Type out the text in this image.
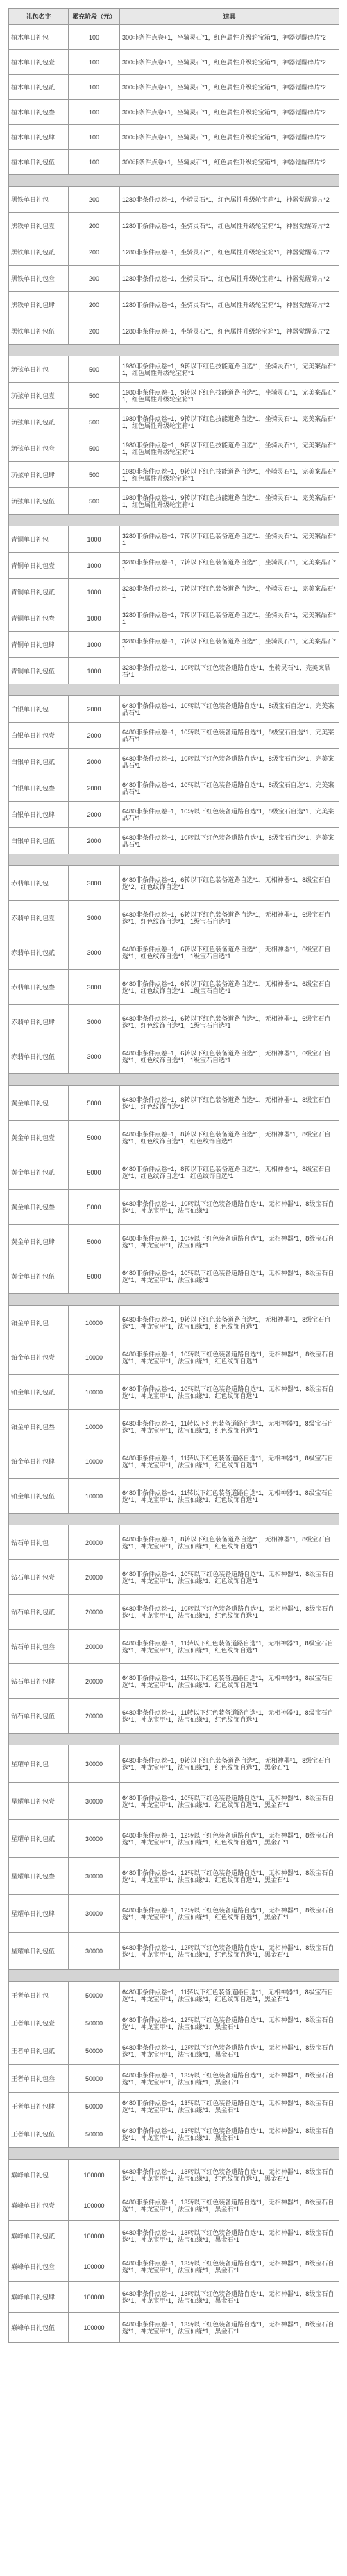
礼包名字	累充阶段（元）	道具
植木单日礼包	100	300非条件点卷+1，坐骑灵石*1，红色属性升级轮宝箱*1，神器觉醒碎片*2
植木单日礼包壹	100	300非条件点卷+1，坐骑灵石*1，红色属性升级轮宝箱*1，神器觉醒碎片*2
植木单日礼包贰	100	300非条件点卷+1，坐骑灵石*1，红色属性升级轮宝箱*1，神器觉醒碎片*2
植木单日礼包叁	100	300非条件点卷+1，坐骑灵石*1，红色属性升级轮宝箱*1，神器觉醒碎片*2
植木单日礼包肆	100	300非条件点卷+1，坐骑灵石*1，红色属性升级轮宝箱*1，神器觉醒碎片*2
植木单日礼包伍	100	300非条件点卷+1，坐骑灵石*1，红色属性升级轮宝箱*1，神器觉醒碎片*2

黑铁单日礼包	200	1280非条件点卷+1，坐骑灵石*1，红色属性升级轮宝箱*1，神器觉醒碎片*2
黑铁单日礼包壹	200	1280非条件点卷+1，坐骑灵石*1，红色属性升级轮宝箱*1，神器觉醒碎片*2
黑铁单日礼包贰	200	1280非条件点卷+1，坐骑灵石*1，红色属性升级轮宝箱*1，神器觉醒碎片*2
黑铁单日礼包叁	200	1280非条件点卷+1，坐骑灵石*1，红色属性升级轮宝箱*1，神器觉醒碎片*2
黑铁单日礼包肆	200	1280非条件点卷+1，坐骑灵石*1，红色属性升级轮宝箱*1，神器觉醒碎片*2
黑铁单日礼包伍	200	1280非条件点卷+1，坐骑灵石*1，红色属性升级轮宝箱*1，神器觉醒碎片*2

琉弦单日礼包	500	1980非条件点卷+1，9转以下红色技能道路自选*1，坐骑灵石*1，完美案晶石*1，红色属性升级轮宝箱*1
琉弦单日礼包壹	500	1980非条件点卷+1，9转以下红色技能道路自选*1，坐骑灵石*1，完美案晶石*1，红色属性升级轮宝箱*1
琉弦单日礼包贰	500	1980非条件点卷+1，9转以下红色技能道路自选*1，坐骑灵石*1，完美案晶石*1，红色属性升级轮宝箱*1
琉弦单日礼包叁	500	1980非条件点卷+1，9转以下红色技能道路自选*1，坐骑灵石*1，完美案晶石*1，红色属性升级轮宝箱*1
琉弦单日礼包肆	500	1980非条件点卷+1，9转以下红色技能道路自选*1，坐骑灵石*1，完美案晶石*1，红色属性升级轮宝箱*1
琉弦单日礼包伍	500	1980非条件点卷+1，9转以下红色技能道路自选*1，坐骑灵石*1，完美案晶石*1，红色属性升级轮宝箱*1

青铜单日礼包	1000	3280非条件点卷+1，7转以下红色装备道路自选*1，坐骑灵石*1，完美案晶石*1
青铜单日礼包壹	1000	3280非条件点卷+1，7转以下红色装备道路自选*1，坐骑灵石*1，完美案晶石*1
青铜单日礼包贰	1000	3280非条件点卷+1，7转以下红色装备道路自选*1，坐骑灵石*1，完美案晶石*1
青铜单日礼包叁	1000	3280非条件点卷+1，7转以下红色装备道路自选*1，坐骑灵石*1，完美案晶石*1
青铜单日礼包肆	1000	3280非条件点卷+1，7转以下红色装备道路自选*1，坐骑灵石*1，完美案晶石*1
青铜单日礼包伍	1000	3280非条件点卷+1，10转以下红色装备道路自选*1，坐骑灵石*1，完美案晶石*1

白银单日礼包	2000	6480非条件点卷+1，10转以下红色装备道路自选*1，8级宝石自选*1，完美案晶石*1
白银单日礼包壹	2000	6480非条件点卷+1，10转以下红色装备道路自选*1，8级宝石自选*1，完美案晶石*1
白银单日礼包贰	2000	6480非条件点卷+1，10转以下红色装备道路自选*1，8级宝石自选*1，完美案晶石*1
白银单日礼包叁	2000	6480非条件点卷+1，10转以下红色装备道路自选*1，8级宝石自选*1，完美案晶石*1
白银单日礼包肆	2000	6480非条件点卷+1，10转以下红色装备道路自选*1，8级宝石自选*1，完美案晶石*1
白银单日礼包伍	2000	6480非条件点卷+1，10转以下红色装备道路自选*1，8级宝石自选*1，完美案晶石*1

赤翡单日礼包	3000	6480非条件点卷+1，6转以下红色装备道路自选*1，无相神器*1，8级宝石自选*2，红色纹饰自选*1
赤翡单日礼包壹	3000	6480非条件点卷+1，6转以下红色装备道路自选*1，无相神器*1，6级宝石自选*1，红色纹饰自选*1，1级宝石自选*1
赤翡单日礼包贰	3000	6480非条件点卷+1，6转以下红色装备道路自选*1，无相神器*1，6级宝石自选*1，红色纹饰自选*1，1级宝石自选*1
赤翡单日礼包叁	3000	6480非条件点卷+1，6转以下红色装备道路自选*1，无相神器*1，6级宝石自选*1，红色纹饰自选*1，1级宝石自选*1
赤翡单日礼包肆	3000	6480非条件点卷+1，6转以下红色装备道路自选*1，无相神器*1，6级宝石自选*1，红色纹饰自选*1，1级宝石自选*1
赤翡单日礼包伍	3000	6480非条件点卷+1，6转以下红色装备道路自选*1，无相神器*1，6级宝石自选*1，红色纹饰自选*1，1级宝石自选*1

黄金单日礼包	5000	6480非条件点卷+1，8转以下红色装备道路自选*1，无相神器*1，8级宝石自选*1，红色纹饰自选*1
黄金单日礼包壹	5000	6480非条件点卷+1，8转以下红色装备道路自选*1，无相神器*1，8级宝石自选*1，红色纹饰自选*1，红色纹饰自选*1
黄金单日礼包贰	5000	6480非条件点卷+1，8转以下红色装备道路自选*1，无相神器*1，8级宝石自选*1，红色纹饰自选*1，红色纹饰自选*1
黄金单日礼包叁	5000	6480非条件点卷+1，10转以下红色装备道路自选*1，无相神器*1，8级宝石自选*1，神龙宝甲*1，法宝仙缘*1
黄金单日礼包肆	5000	6480非条件点卷+1，10转以下红色装备道路自选*1，无相神器*1，8级宝石自选*1，神龙宝甲*1，法宝仙缘*1
黄金单日礼包伍	5000	6480非条件点卷+1，10转以下红色装备道路自选*1，无相神器*1，8级宝石自选*1，神龙宝甲*1，法宝仙缘*1

铂金单日礼包	10000	6480非条件点卷+1，9转以下红色装备道路自选*1，无相神器*1，8级宝石自选*1，神龙宝甲*1，法宝仙缘*1，红色纹饰自选*1
铂金单日礼包壹	10000	6480非条件点卷+1，10转以下红色装备道路自选*1，无相神器*1，8级宝石自选*1，神龙宝甲*1，法宝仙缘*1，红色纹饰自选*1
铂金单日礼包贰	10000	6480非条件点卷+1，10转以下红色装备道路自选*1，无相神器*1，8级宝石自选*1，神龙宝甲*1，法宝仙缘*1，红色纹饰自选*1
铂金单日礼包叁	10000	6480非条件点卷+1，11转以下红色装备道路自选*1，无相神器*1，8级宝石自选*1，神龙宝甲*1，法宝仙缘*1，红色纹饰自选*1
铂金单日礼包肆	10000	6480非条件点卷+1，11转以下红色装备道路自选*1，无相神器*1，8级宝石自选*1，神龙宝甲*1，法宝仙缘*1，红色纹饰自选*1
铂金单日礼包伍	10000	6480非条件点卷+1，11转以下红色装备道路自选*1，无相神器*1，8级宝石自选*1，神龙宝甲*1，法宝仙缘*1，红色纹饰自选*1

钻石单日礼包	20000	6480非条件点卷+1，8转以下红色装备道路自选*1，无相神器*1，8级宝石自选*1，神龙宝甲*1，法宝仙缘*1，红色纹饰自选*1
钻石单日礼包壹	20000	6480非条件点卷+1，10转以下红色装备道路自选*1，无相神器*1，8级宝石自选*1，神龙宝甲*1，法宝仙缘*1，红色纹饰自选*1
钻石单日礼包贰	20000	6480非条件点卷+1，10转以下红色装备道路自选*1，无相神器*1，8级宝石自选*1，神龙宝甲*1，法宝仙缘*1，红色纹饰自选*1
钻石单日礼包叁	20000	6480非条件点卷+1，11转以下红色装备道路自选*1，无相神器*1，8级宝石自选*1，神龙宝甲*1，法宝仙缘*1，红色纹饰自选*1
钻石单日礼包肆	20000	6480非条件点卷+1，11转以下红色装备道路自选*1，无相神器*1，8级宝石自选*1，神龙宝甲*1，法宝仙缘*1，红色纹饰自选*1
钻石单日礼包伍	20000	6480非条件点卷+1，11转以下红色装备道路自选*1，无相神器*1，8级宝石自选*1，神龙宝甲*1，法宝仙缘*1，红色纹饰自选*1

星耀单日礼包	30000	6480非条件点卷+1，9转以下红色装备道路自选*1，无相神器*1，8级宝石自选*1，神龙宝甲*1，法宝仙缘*1，红色纹饰自选*1，黑金石*1
星耀单日礼包壹	30000	6480非条件点卷+1，10转以下红色装备道路自选*1，无相神器*1，8级宝石自选*1，神龙宝甲*1，法宝仙缘*1，红色纹饰自选*1，黑金石*1
星耀单日礼包贰	30000	6480非条件点卷+1，12转以下红色装备道路自选*1，无相神器*1，8级宝石自选*1，神龙宝甲*1，法宝仙缘*1，红色纹饰自选*1，黑金石*1
星耀单日礼包叁	30000	6480非条件点卷+1，12转以下红色装备道路自选*1，无相神器*1，8级宝石自选*1，神龙宝甲*1，法宝仙缘*1，红色纹饰自选*1，黑金石*1
星耀单日礼包肆	30000	6480非条件点卷+1，12转以下红色装备道路自选*1，无相神器*1，8级宝石自选*1，神龙宝甲*1，法宝仙缘*1，红色纹饰自选*1，黑金石*1
星耀单日礼包伍	30000	6480非条件点卷+1，12转以下红色装备道路自选*1，无相神器*1，8级宝石自选*1，神龙宝甲*1，法宝仙缘*1，红色纹饰自选*1，黑金石*1

王者单日礼包	50000	6480非条件点卷+1，11转以下红色装备道路自选*1，无相神器*1，8级宝石自选*1，神龙宝甲*1，法宝仙缘*1，红色纹饰自选*1，黑金石*1
王者单日礼包壹	50000	6480非条件点卷+1，12转以下红色装备道路自选*1，无相神器*1，8级宝石自选*1，神龙宝甲*1，法宝仙缘*1，黑金石*1
王者单日礼包贰	50000	6480非条件点卷+1，12转以下红色装备道路自选*1，无相神器*1，8级宝石自选*1，神龙宝甲*1，法宝仙缘*1，黑金石*1
王者单日礼包叁	50000	6480非条件点卷+1，13转以下红色装备道路自选*1，无相神器*1，8级宝石自选*1，神龙宝甲*1，法宝仙缘*1，黑金石*1
王者单日礼包肆	50000	6480非条件点卷+1，13转以下红色装备道路自选*1，无相神器*1，8级宝石自选*1，神龙宝甲*1，法宝仙缘*1，黑金石*1
王者单日礼包伍	50000	6480非条件点卷+1，13转以下红色装备道路自选*1，无相神器*1，8级宝石自选*1，神龙宝甲*1，法宝仙缘*1，黑金石*1

巅峰单日礼包	100000	6480非条件点卷+1，13转以下红色装备道路自选*1，无相神器*1，8级宝石自选*1，神龙宝甲*1，法宝仙缘*1，红色纹饰自选*1，黑金石*1
巅峰单日礼包壹	100000	6480非条件点卷+1，13转以下红色装备道路自选*1，无相神器*1，8级宝石自选*1，神龙宝甲*1，法宝仙缘*1，黑金石*1
巅峰单日礼包贰	100000	6480非条件点卷+1，13转以下红色装备道路自选*1，无相神器*1，8级宝石自选*1，神龙宝甲*1，法宝仙缘*1，黑金石*1
巅峰单日礼包叁	100000	6480非条件点卷+1，13转以下红色装备道路自选*1，无相神器*1，8级宝石自选*1，神龙宝甲*1，法宝仙缘*1，黑金石*1
巅峰单日礼包肆	100000	6480非条件点卷+1，13转以下红色装备道路自选*1，无相神器*1，8级宝石自选*1，神龙宝甲*1，法宝仙缘*1，黑金石*1
巅峰单日礼包伍	100000	6480非条件点卷+1，13转以下红色装备道路自选*1，无相神器*1，8级宝石自选*1，神龙宝甲*1，法宝仙缘*1，黑金石*1
